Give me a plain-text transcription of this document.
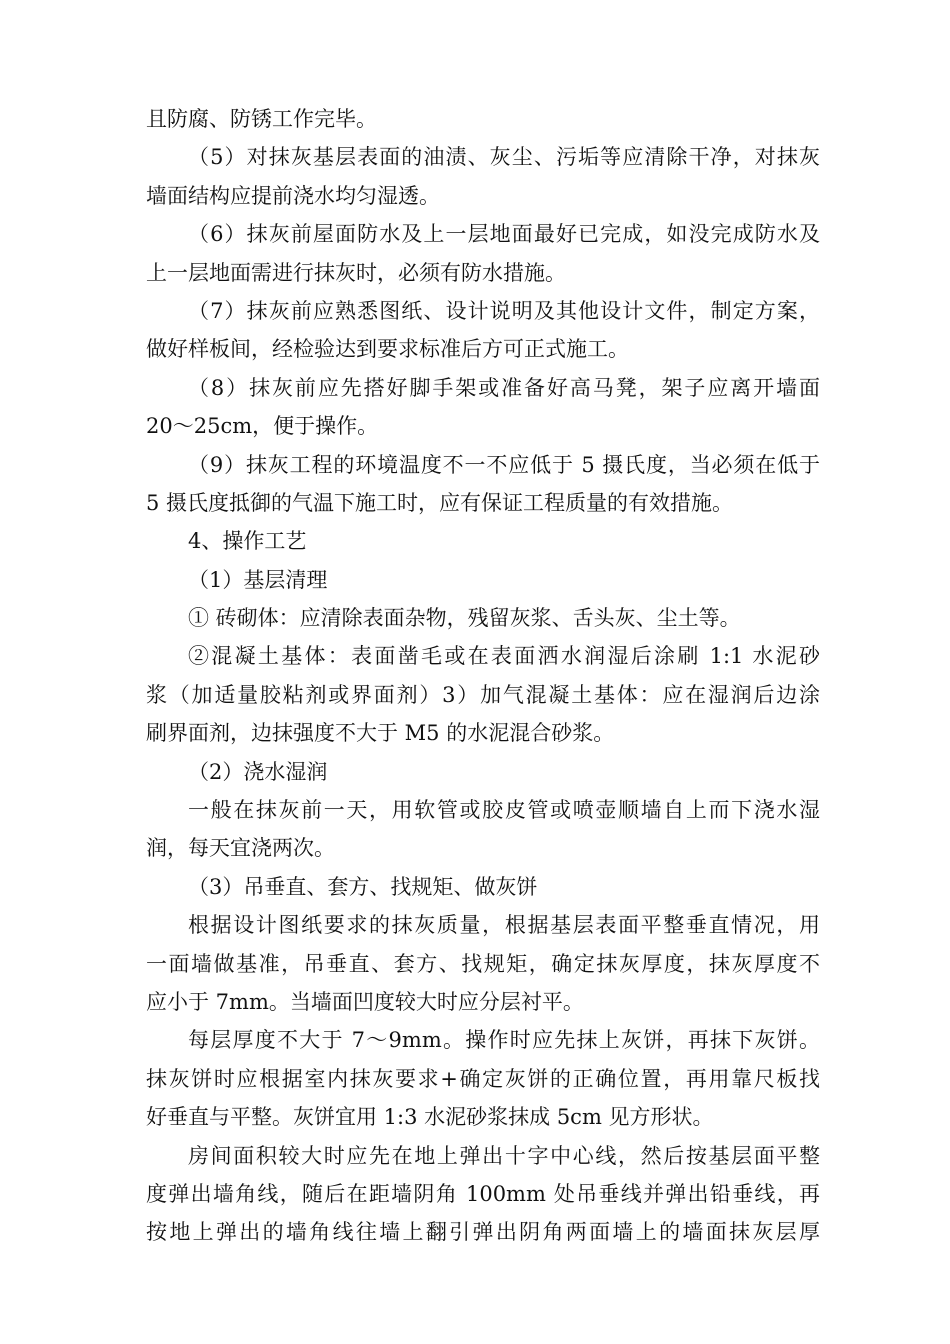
且防腐、防锈工作完毕。
（5）对抹灰基层表面的油渍、灰尘、污垢等应清除干净，对抹灰
墙面结构应提前浇水均匀湿透。
（6）抹灰前屋面防水及上一层地面最好已完成，如没完成防水及
上一层地面需进行抹灰时，必须有防水措施。
（7）抹灰前应熟悉图纸、设计说明及其他设计文件，制定方案，
做好样板间，经检验达到要求标准后方可正式施工。
（8）抹灰前应先搭好脚手架或准备好高马凳，架子应离开墙面
20～25cm，便于操作。
（9）抹灰工程的环境温度不一不应低于 5 摄氏度，当必须在低于
5 摄氏度抵御的气温下施工时，应有保证工程质量的有效措施。
4、操作工艺
（1）基层清理
① 砖砌体：应清除表面杂物，残留灰浆、舌头灰、尘土等。
②混凝土基体：表面凿毛或在表面洒水润湿后涂刷 1:1 水泥砂
浆（加适量胶粘剂或界面剂）3）加气混凝土基体：应在湿润后边涂
刷界面剂，边抹强度不大于 M5 的水泥混合砂浆。
（2）浇水湿润
一般在抹灰前一天，用软管或胶皮管或喷壶顺墙自上而下浇水湿
润，每天宜浇两次。
（3）吊垂直、套方、找规矩、做灰饼
根据设计图纸要求的抹灰质量，根据基层表面平整垂直情况，用
一面墙做基准，吊垂直、套方、找规矩，确定抹灰厚度，抹灰厚度不
应小于 7mm。当墙面凹度较大时应分层衬平。
每层厚度不大于 7～9mm。操作时应先抹上灰饼，再抹下灰饼。
抹灰饼时应根据室内抹灰要求+确定灰饼的正确位置，再用靠尺板找
好垂直与平整。灰饼宜用 1:3 水泥砂浆抹成 5cm 见方形状。
房间面积较大时应先在地上弹出十字中心线，然后按基层面平整
度弹出墙角线，随后在距墙阴角 100mm 处吊垂线并弹出铅垂线，再
按地上弹出的墙角线往墙上翻引弹出阴角两面墙上的墙面抹灰层厚
